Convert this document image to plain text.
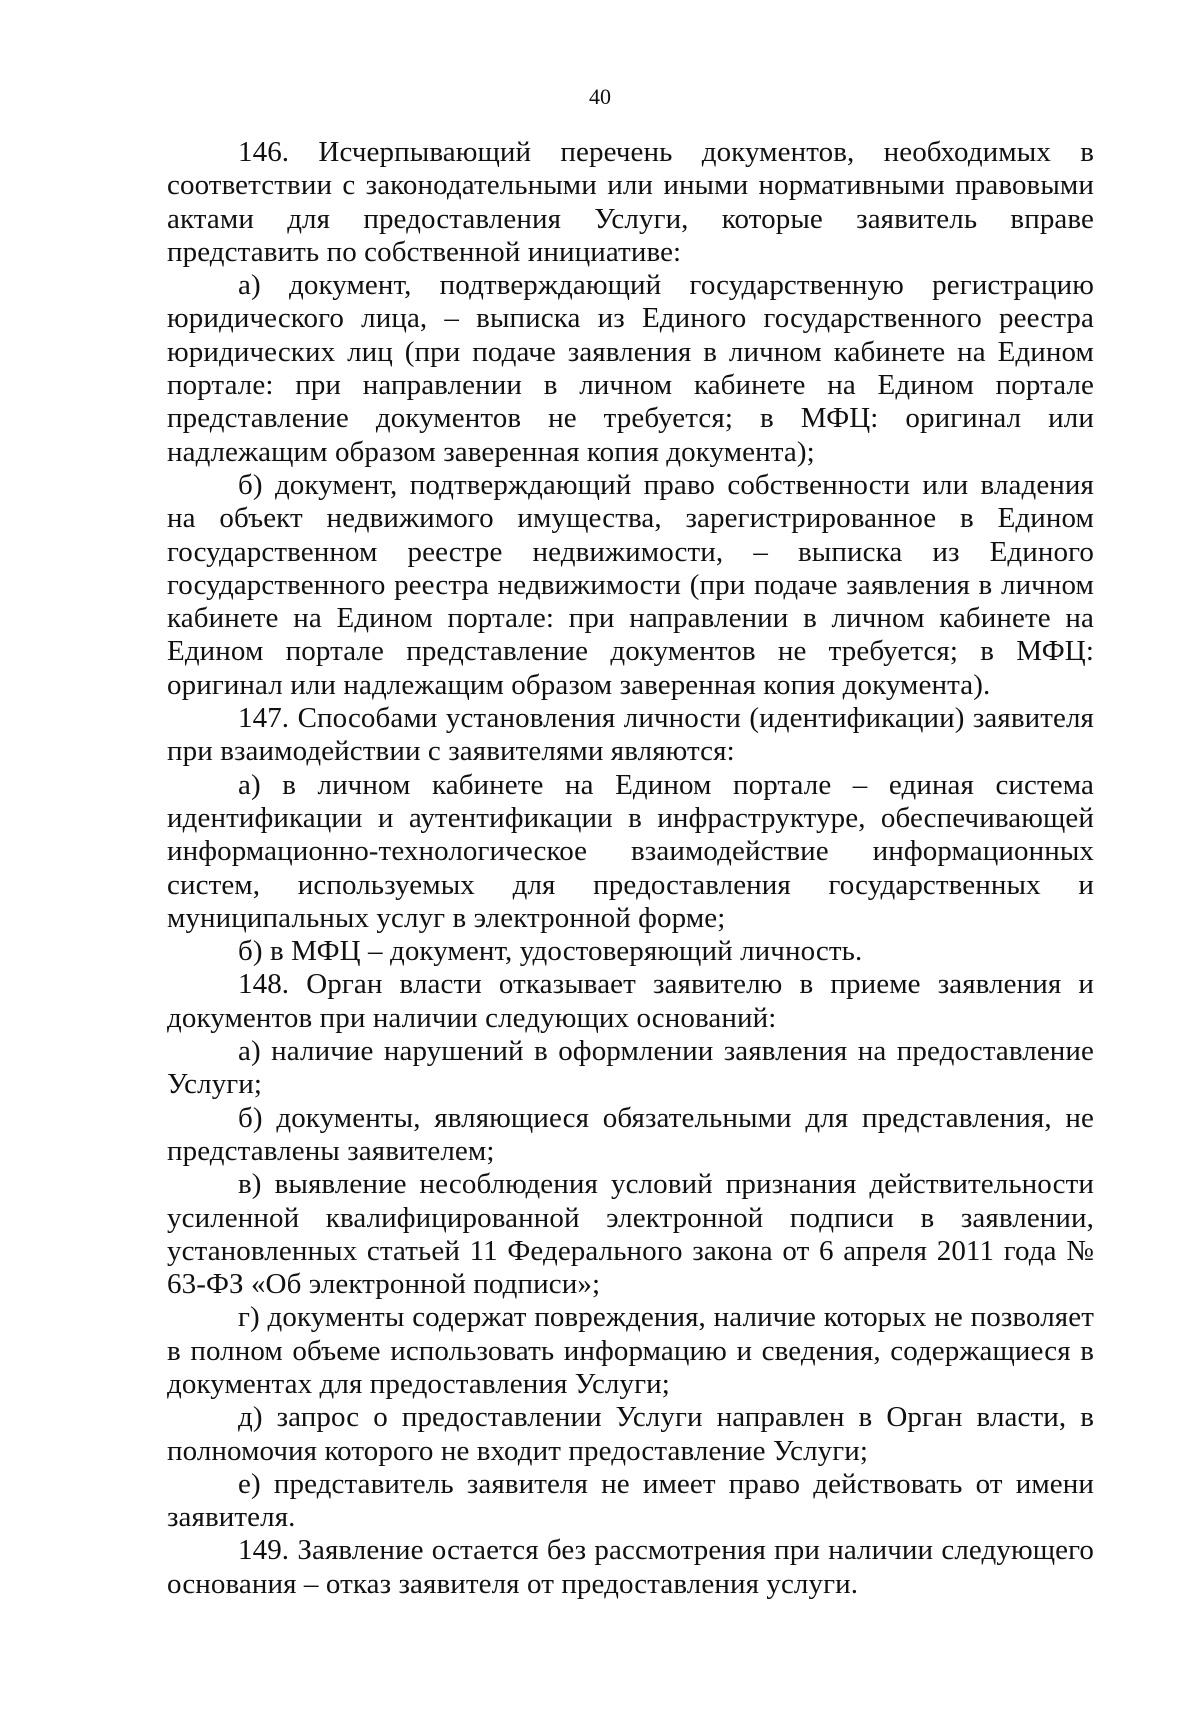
40

146. Исчерпывающий перечень документов, необходимых в соответствии с законодательными или иными нормативными правовыми актами для предоставления Услуги, которые заявитель вправе представить по собственной инициативе:

а) документ, подтверждающий государственную регистрацию юридического лица, – выписка из Единого государственного реестра юридических лиц (при подаче заявления в личном кабинете на Едином портале: при направлении в личном кабинете на Едином портале представление документов не требуется; в МФЦ: оригинал или надлежащим образом заверенная копия документа);

б) документ, подтверждающий право собственности или владения на объект недвижимого имущества, зарегистрированное в Едином государственном реестре недвижимости, – выписка из Единого государственного реестра недвижимости (при подаче заявления в личном кабинете на Едином портале: при направлении в личном кабинете на Едином портале представление документов не требуется; в МФЦ: оригинал или надлежащим образом заверенная копия документа).

147. Способами установления личности (идентификации) заявителя при взаимодействии с заявителями являются:

а) в личном кабинете на Едином портале – единая система идентификации и аутентификации в инфраструктуре, обеспечивающей информационно-технологическое взаимодействие информационных систем, используемых для предоставления государственных и муниципальных услуг в электронной форме;

б) в МФЦ – документ, удостоверяющий личность.

148. Орган власти отказывает заявителю в приеме заявления и документов при наличии следующих оснований:

а) наличие нарушений в оформлении заявления на предоставление Услуги;

б) документы, являющиеся обязательными для представления, не представлены заявителем;

в) выявление несоблюдения условий признания действительности усиленной квалифицированной электронной подписи в заявлении, установленных статьей 11 Федерального закона от 6 апреля 2011 года № 63-ФЗ «Об электронной подписи»;

г) документы содержат повреждения, наличие которых не позволяет в полном объеме использовать информацию и сведения, содержащиеся в документах для предоставления Услуги;

д) запрос о предоставлении Услуги направлен в Орган власти, в полномочия которого не входит предоставление Услуги;

е) представитель заявителя не имеет право действовать от имени заявителя.

149. Заявление остается без рассмотрения при наличии следующего основания – отказ заявителя от предоставления услуги.
